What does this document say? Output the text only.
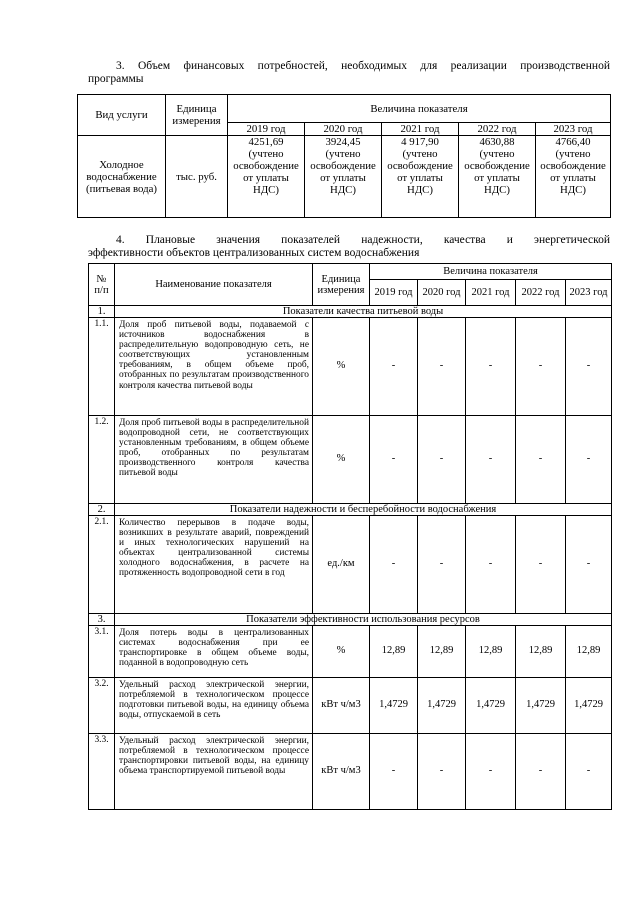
3. Объем финансовых потребностей, необходимых для реализации производственной
программы
Вид услуги	Единица измерения	Величина показателя				
		2019 год	2020 год	2021 год	2022 год	2023 год
Холодное водоснабжение (питьевая вода)	тыс. руб.	4251,69 (учтено освобождение от уплаты НДС)	3924,45 (учтено освобождение от уплаты НДС)	4 917,90 (учтено освобождение от уплаты НДС)	4630,88 (учтено освобождение от уплаты НДС)	4766,40 (учтено освобождение от уплаты НДС)
4. Плановые значения показателей надежности, качества и энергетической
эффективности объектов централизованных систем водоснабжения
№ п/п	Наименование показателя	Единица измерения	Величина показателя				
			2019 год	2020 год	2021 год	2022 год	2023 год
1.	Показатели качества питьевой воды						
1.1.	Доля проб питьевой воды, подаваемой с источников водоснабжения в распределительную водопроводную сеть, не соответствующих установленным требованиям, в общем объеме проб, отобранных по результатам производственного контроля качества питьевой воды	%	-	-	-	-	-
1.2.	Доля проб питьевой воды в распределительной водопроводной сети, не соответствующих установленным требованиям, в общем объеме проб, отобранных по результатам производственного контроля качества питьевой воды	%	-	-	-	-	-
2.	Показатели надежности и бесперебойности водоснабжения						
2.1.	Количество перерывов в подаче воды, возникших в результате аварий, повреждений и иных технологических нарушений на объектах централизованной системы холодного водоснабжения, в расчете на протяженность водопроводной сети в год	ед./км	-	-	-	-	-
3.	Показатели эффективности использования ресурсов						
3.1.	Доля потерь воды в централизованных системах водоснабжения при ее транспортировке в общем объеме воды, поданной в водопроводную сеть	%	12,89	12,89	12,89	12,89	12,89
3.2.	Удельный расход электрической энергии, потребляемой в технологическом процессе подготовки питьевой воды, на единицу объема воды, отпускаемой в сеть	кВт ч/м3	1,4729	1,4729	1,4729	1,4729	1,4729
3.3.	Удельный расход электрической энергии, потребляемой в технологическом процессе транспортировки питьевой воды, на единицу объема транспортируемой питьевой воды	кВт ч/м3	-	-	-	-	-
